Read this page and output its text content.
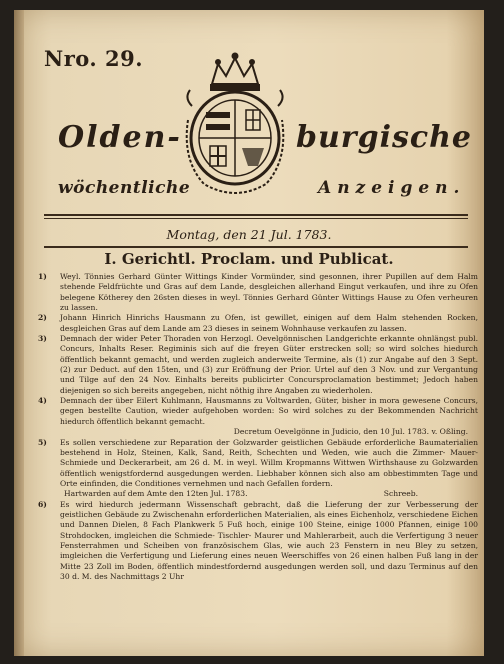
Nro. 29.
Olden-	burgische
wöchentliche	Anzeigen.
Montag, den 21 Jul. 1783.
I. Gerichtl. Proclam. und Publicat.
1) Weyl. Tönnies Gerhard Günter Wittings Kinder Vormünder, sind gesonnen, ihrer Pupillen auf dem Halm stehende Feldfrüchte und Gras auf dem Lande, desgleichen allerhand Eingut verkaufen, und ihre zu Ofen belegene Kötherey den 26sten dieses in weyl. Tönnies Gerhard Günter Wittings Hause zu Ofen verheuren zu lassen.

2) Johann Hinrich Hinrichs Hausmann zu Ofen, ist gewillet, einigen auf dem Halm stehenden Rocken, desgleichen Gras auf dem Lande am 23 dieses in seinem Wohnhause verkaufen zu lassen.

3) Demnach der wider Peter Thoraden von Herzogl. Oevelgönnischen Landgerichte erkannte ohnlängst publ. Concurs, Inhalts Reser. Regiminis sich auf die freyen Güter erstrecken soll; so wird solches hiedurch öffentlich bekannt gemacht, und werden zugleich anderweite Termine, als (1) zur Angabe auf den 3 Sept. (2) zur Deduct. auf den 15ten, und (3) zur Eröffnung der Prior. Urtel auf den 3 Nov. und zur Vergantung und Tilge auf den 24 Nov. Einhalts bereits publicirter Concursproclamation bestimmet; Jedoch haben diejenigen so sich bereits angegeben, nicht nöthig ihre Angaben zu wiederholen.

4) Demnach der über Eilert Kuhlmann, Hausmanns zu Voltwarden, Güter, bisher in mora gewesene Concurs, gegen bestellte Caution, wieder aufgehoben worden: So wird solches zu der Bekommenden Nachricht hiedurch öffentlich bekannt gemacht.

Decretum Oevelgönne in Judicio, den 10 Jul. 1783. v. Oßling.
5) Es sollen verschiedene zur Reparation der Golzwarder geistlichen Gebäude erforderliche Baumaterialien bestehend in Holz, Steinen, Kalk, Sand, Reith, Schechten und Weden, wie auch die Zimmer- Mauer- Schmiede und Deckerarbeit, am 26 d. M. in weyl. Willm Kropmanns Wittwen Wirthshause zu Golzwarden öffentlich wenigstfordernd ausgedungen werden. Liebhaber können sich also am obbestimmten Tage und Orte einfinden, die Conditiones vernehmen und nach Gefallen fordern.

Hartwarden auf dem Amte den 12ten Jul. 1783.	Schreeb.
6) Es wird hiedurch jedermann Wissenschaft gebracht, daß die Lieferung der zur Verbesserung der geistlichen Gebäude zu Zwischenahn erforderlichen Materialien, als eines Eichenholz, verschiedene Eichen und Dannen Dielen, 8 Fach Plankwerk 5 Fuß hoch, einige 100 Steine, einige 1000 Pfannen, einige 100 Strohdocken, imgleichen die Schmiede- Tischler- Maurer und Mahlerarbeit, auch die Verfertigung 3 neuer Fensterrahmen und Scheiben von französischem Glas, wie auch 23 Fenstern in neu Bley zu setzen, imgleichen die Verfertigung und Lieferung eines neuen Weerschiffes von 26 einen halben Fuß lang in der Mitte 23 Zoll im Boden, öffentlich mindestfordernd ausgedungen werden soll, und dazu Terminus auf den 30 d. M. des Nachmittags 2 Uhr
